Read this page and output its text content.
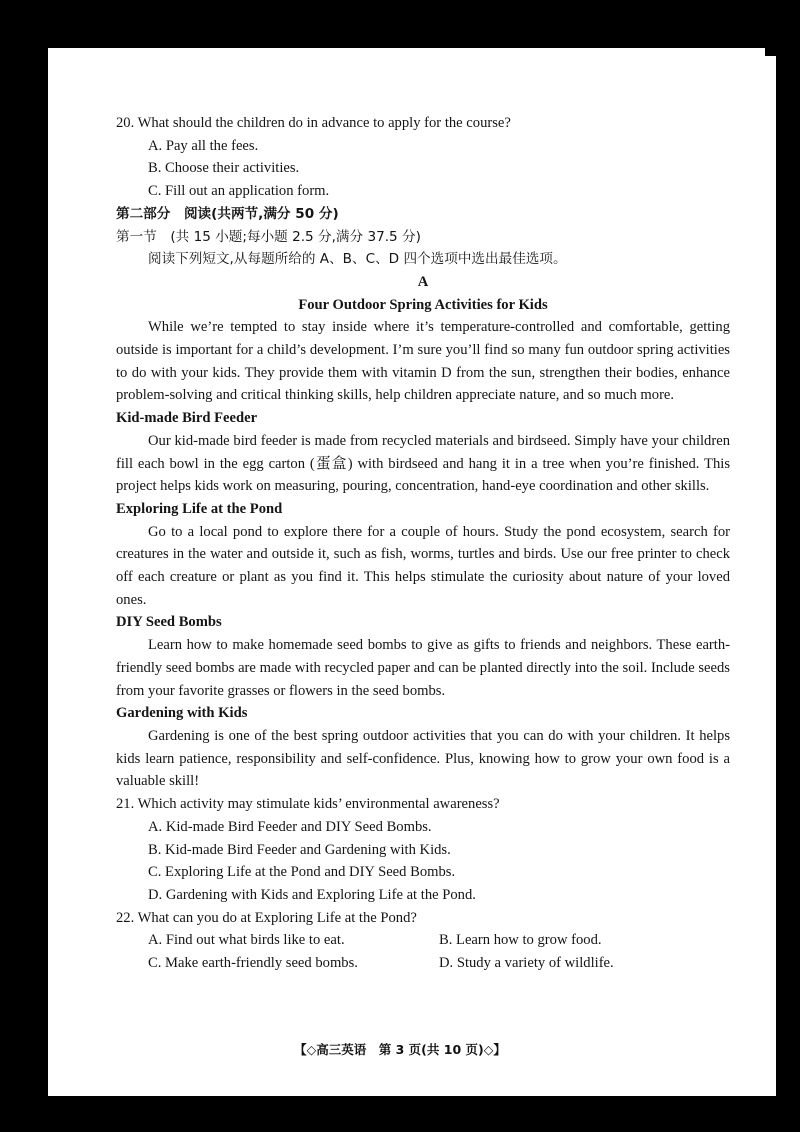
20. What should the children do in advance to apply for the course?
A. Pay all the fees.
B. Choose their activities.
C. Fill out an application form.
第二部分　阅读(共两节,满分 50 分)
第一节　(共 15 小题;每小题 2.5 分,满分 37.5 分)
阅读下列短文,从每题所给的 A、B、C、D 四个选项中选出最佳选项。
A
Four Outdoor Spring Activities for Kids

While we’re tempted to stay inside where it’s temperature-controlled and comfortable, getting outside is important for a child’s development. I’m sure you’ll find so many fun outdoor spring activities to do with your kids. They provide them with vitamin D from the sun, strengthen their bodies, enhance problem-solving and critical thinking skills, help children appreciate nature, and so much more.

Kid-made Bird Feeder

Our kid-made bird feeder is made from recycled materials and birdseed. Simply have your children fill each bowl in the egg carton (蛋盒) with birdseed and hang it in a tree when you’re finished. This project helps kids work on measuring, pouring, concentration, hand-eye coordination and other skills.

Exploring Life at the Pond

Go to a local pond to explore there for a couple of hours. Study the pond ecosystem, search for creatures in the water and outside it, such as fish, worms, turtles and birds. Use our free printer to check off each creature or plant as you find it. This helps stimulate the curiosity about nature of your loved ones.

DIY Seed Bombs

Learn how to make homemade seed bombs to give as gifts to friends and neighbors. These earth-friendly seed bombs are made with recycled paper and can be planted directly into the soil. Include seeds from your favorite grasses or flowers in the seed bombs.

Gardening with Kids

Gardening is one of the best spring outdoor activities that you can do with your children. It helps kids learn patience, responsibility and self-confidence. Plus, knowing how to grow your own food is a valuable skill!

21. Which activity may stimulate kids’ environmental awareness?
A. Kid-made Bird Feeder and DIY Seed Bombs.
B. Kid-made Bird Feeder and Gardening with Kids.
C. Exploring Life at the Pond and DIY Seed Bombs.
D. Gardening with Kids and Exploring Life at the Pond.
22. What can you do at Exploring Life at the Pond?
A. Find out what birds like to eat.	B. Learn how to grow food.
C. Make earth-friendly seed bombs.	D. Study a variety of wildlife.
【◇高三英语　第 3 页(共 10 页)◇】
